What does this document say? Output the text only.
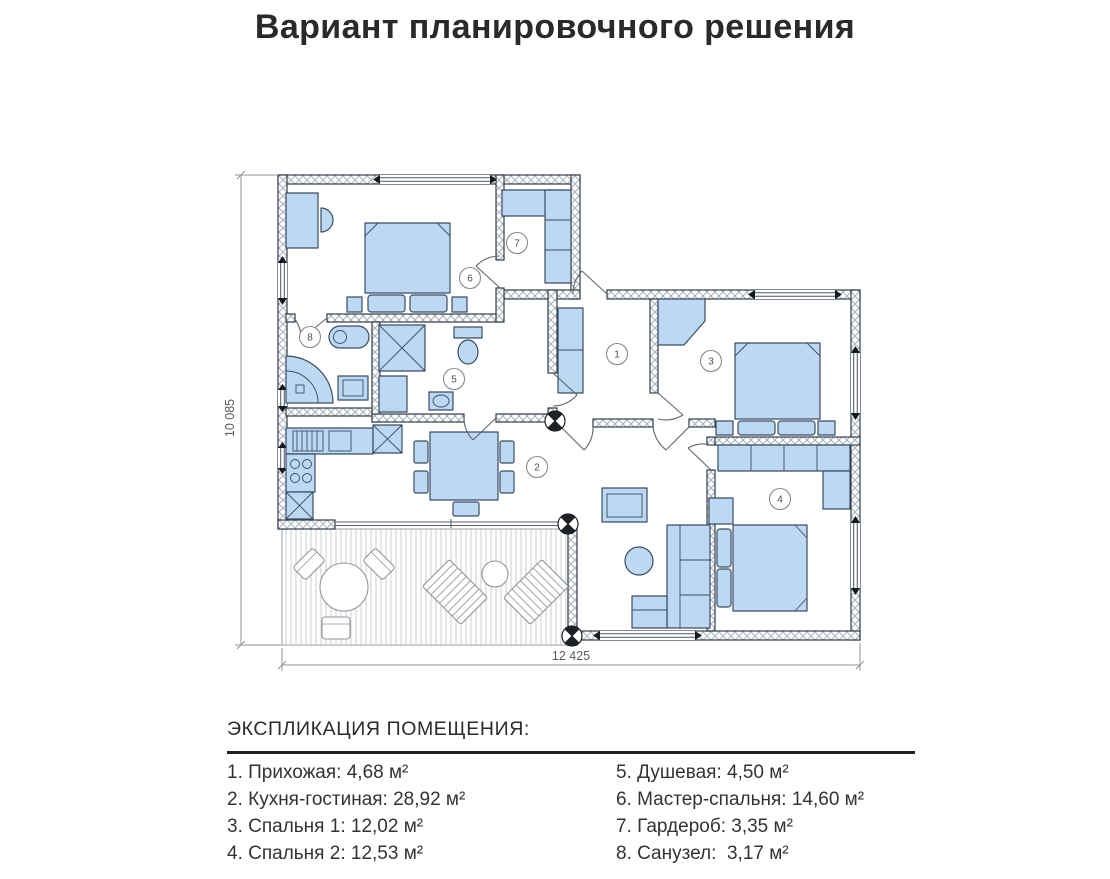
Вариант планировочного решения
1
2
3
4
5
6
7
8
10 085
12 425
ЭКСПЛИКАЦИЯ ПОМЕЩЕНИЯ:
1. Прихожая: 4,68 м²
2. Кухня-гостиная: 28,92 м²
3. Спальня 1: 12,02 м²
4. Спальня 2: 12,53 м²
5. Душевая: 4,50 м²
6. Мастер-спальня: 14,60 м²
7. Гардероб: 3,35 м²
8. Санузел:  3,17 м²
